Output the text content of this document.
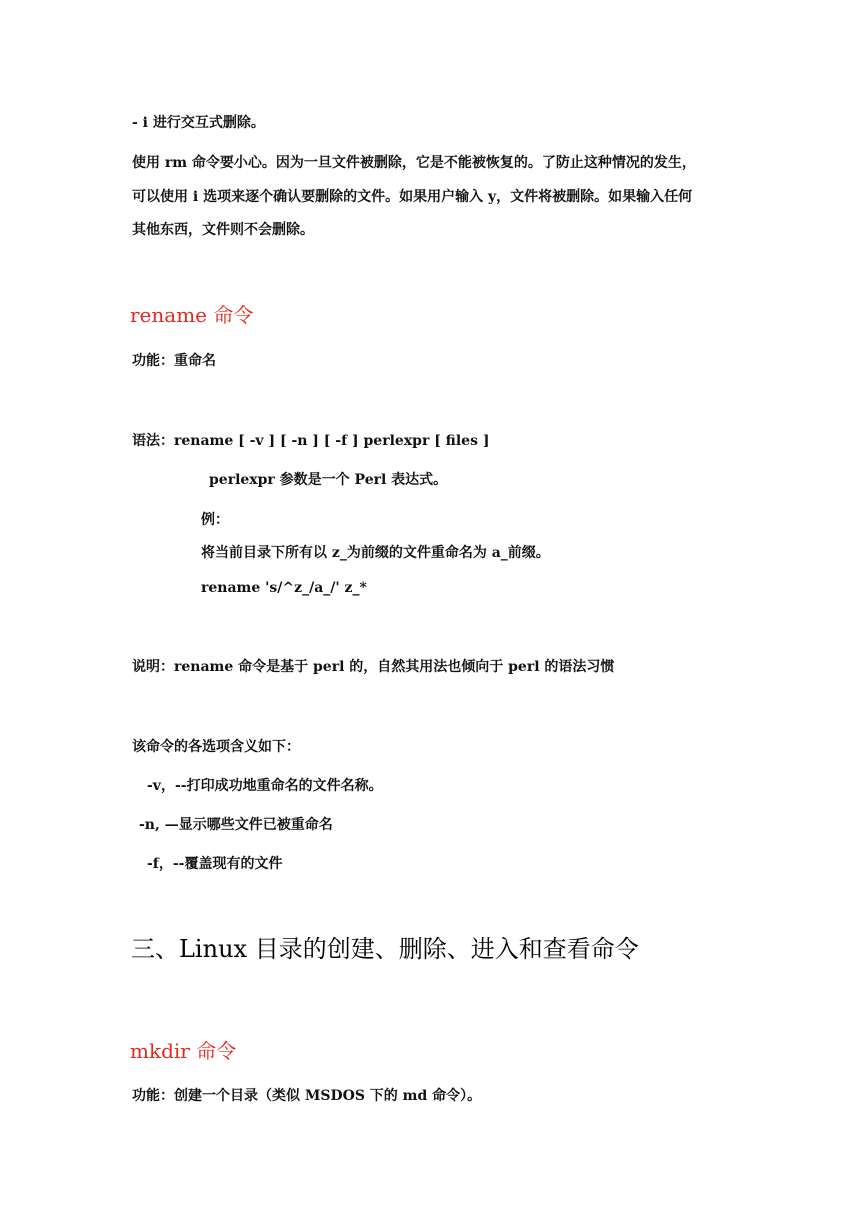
- i 进行交互式删除。
使用 rm 命令要小心。因为一旦文件被删除，它是不能被恢复的。了防止这种情况的发生，
可以使用 i 选项来逐个确认要删除的文件。如果用户输入 y，文件将被删除。如果输入任何
其他东西，文件则不会删除。
rename 命令
功能：重命名
语法：rename [ -v ] [ -n ] [ -f ] perlexpr [ files ]
perlexpr 参数是一个 Perl 表达式。
例：
将当前目录下所有以 z_为前缀的文件重命名为 a_前缀。
rename 's/^z_/a_/' z_*
说明：rename 命令是基于 perl 的，自然其用法也倾向于 perl 的语法习惯
该命令的各选项含义如下：
-v，--打印成功地重命名的文件名称。
-n, —显示哪些文件已被重命名
-f，--覆盖现有的文件
三、Linux 目录的创建、删除、进入和查看命令
mkdir 命令
功能：创建一个目录（类似 MSDOS 下的 md 命令）。
